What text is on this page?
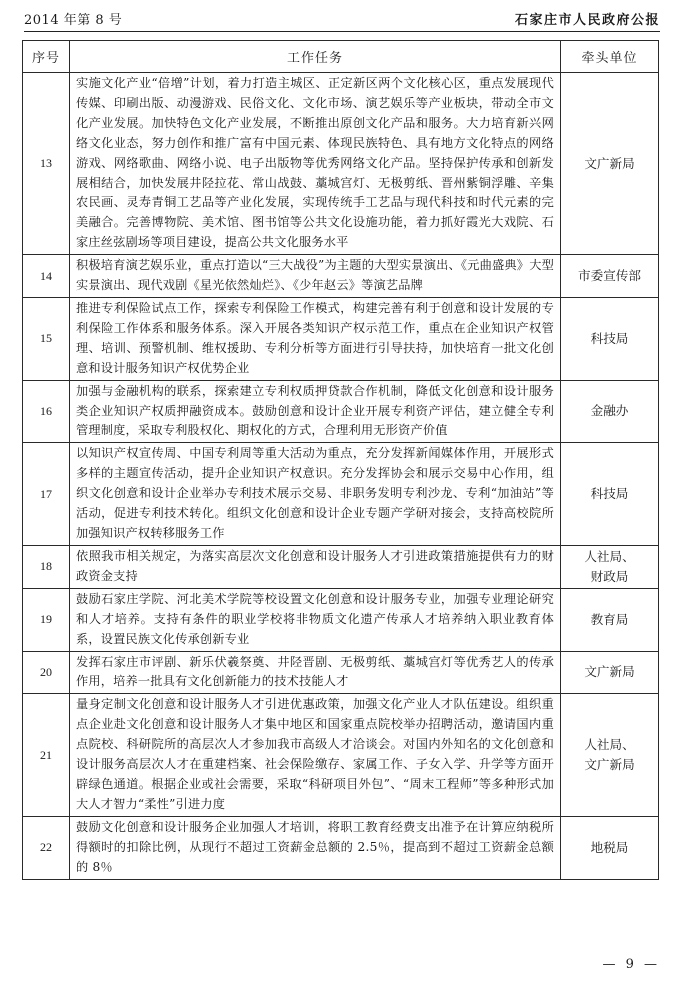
2014 年第 8 号	石家庄市人民政府公报
序号	工作任务	牵头单位
13	实施文化产业“倍增”计划，着力打造主城区、正定新区两个文化核心区，重点发展现代传媒、印刷出版、动漫游戏、民俗文化、文化市场、演艺娱乐等产业板块，带动全市文化产业发展。加快特色文化产业发展，不断推出原创文化产品和服务。大力培育新兴网络文化业态，努力创作和推广富有中国元素、体现民族特色、具有地方文化特点的网络游戏、网络歌曲、网络小说、电子出版物等优秀网络文化产品。坚持保护传承和创新发展相结合，加快发展井陉拉花、常山战鼓、藁城宫灯、无极剪纸、晋州紫铜浮雕、辛集农民画、灵寿青铜工艺品等产业化发展，实现传统手工艺品与现代科技和时代元素的完美融合。完善博物院、美术馆、图书馆等公共文化设施功能，着力抓好霞光大戏院、石家庄丝弦剧场等项目建设，提高公共文化服务水平	文广新局

14	积极培育演艺娱乐业，重点打造以“三大战役”为主题的大型实景演出、《元曲盛典》大型实景演出、现代戏剧《星光依然灿烂》、《少年赵云》等演艺品牌	市委宣传部

15	推进专利保险试点工作，探索专利保险工作模式，构建完善有利于创意和设计发展的专利保险工作体系和服务体系。深入开展各类知识产权示范工作，重点在企业知识产权管理、培训、预警机制、维权援助、专利分析等方面进行引导扶持，加快培育一批文化创意和设计服务知识产权优势企业	科技局

16	加强与金融机构的联系，探索建立专利权质押贷款合作机制，降低文化创意和设计服务类企业知识产权质押融资成本。鼓励创意和设计企业开展专利资产评估，建立健全专利管理制度，采取专利股权化、期权化的方式，合理利用无形资产价值	金融办

17	以知识产权宣传周、中国专利周等重大活动为重点，充分发挥新闻媒体作用，开展形式多样的主题宣传活动，提升企业知识产权意识。充分发挥协会和展示交易中心作用，组织文化创意和设计企业举办专利技术展示交易、非职务发明专利沙龙、专利“加油站”等活动，促进专利技术转化。组织文化创意和设计企业专题产学研对接会，支持高校院所加强知识产权转移服务工作	科技局

18	依照我市相关规定，为落实高层次文化创意和设计服务人才引进政策措施提供有力的财政资金支持	人社局、
财政局

19	鼓励石家庄学院、河北美术学院等校设置文化创意和设计服务专业，加强专业理论研究和人才培养。支持有条件的职业学校将非物质文化遗产传承人才培养纳入职业教育体系，设置民族文化传承创新专业	教育局

20	发挥石家庄市评剧、新乐伏羲祭奠、井陉晋剧、无极剪纸、藁城宫灯等优秀艺人的传承作用，培养一批具有文化创新能力的技术技能人才	文广新局

21	量身定制文化创意和设计服务人才引进优惠政策，加强文化产业人才队伍建设。组织重点企业赴文化创意和设计服务人才集中地区和国家重点院校举办招聘活动，邀请国内重点院校、科研院所的高层次人才参加我市高级人才洽谈会。对国内外知名的文化创意和设计服务高层次人才在重建档案、社会保险缴存、家属工作、子女入学、升学等方面开辟绿色通道。根据企业或社会需要，采取“科研项目外包”、“周末工程师”等多种形式加大人才智力“柔性”引进力度	人社局、
文广新局

22	鼓励文化创意和设计服务企业加强人才培训，将职工教育经费支出准予在计算应纳税所得额时的扣除比例，从现行不超过工资薪金总额的 2.5％，提高到不超过工资薪金总额的 8％	地税局
— 9 —
